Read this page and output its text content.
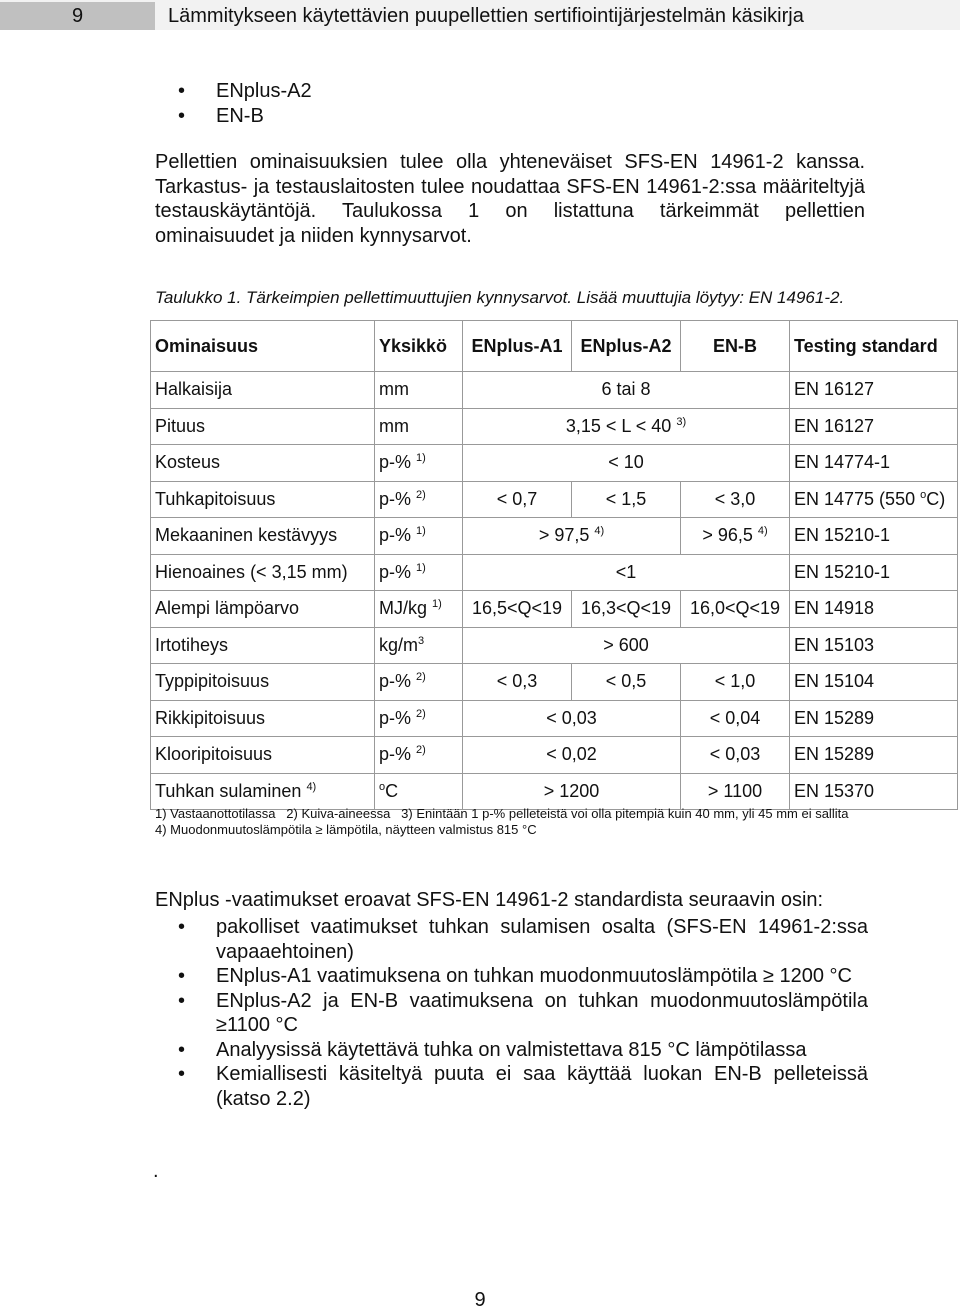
9	Lämmitykseen käytettävien puupellettien sertifiointijärjestelmän käsikirja
• ENplus-A2
• EN-B

Pellettien ominaisuuksien tulee olla yhteneväiset SFS-EN 14961-2 kanssa. Tarkastus- ja testauslaitosten tulee noudattaa SFS-EN 14961-2:ssa määriteltyjä testauskäytäntöjä. Taulukossa 1 on listattuna tärkeimmät pellettien ominaisuudet ja niiden kynnysarvot.

Taulukko 1. Tärkeimpien pellettimuuttujien kynnysarvot. Lisää muuttujia löytyy: EN 14961-2.
Ominaisuus	Yksikkö	ENplus-A1	ENplus-A2	EN-B	Testing standard
Halkaisija	mm	6 tai 8			EN 16127
Pituus	mm	3,15 < L < 40 $^{3)}$			EN 16127
Kosteus	p-% $^{1)}$	< 10			EN 14774-1
Tuhkapitoisuus	p-% $^{2)}$	< 0,7	< 1,5	< 3,0	EN 14775 (550 $^o$C)
Mekaaninen kestävyys	p-% $^{1)}$	> 97,5 $^{4)}$		> 96,5 $^{4)}$	EN 15210-1
Hienoaines (< 3,15 mm)	p-% $^{1)}$	<1			EN 15210-1
Alempi lämpöarvo	MJ/kg $^{1)}$	16,5<Q<19	16,3<Q<19	16,0<Q<19	EN 14918
Irtotiheys	$kg/m^3$	> 600			EN 15103
Typpipitoisuus	p-% $^{2)}$	< 0,3	< 0,5	< 1,0	EN 15104
Rikkipitoisuus	p-% $^{2)}$	< 0,03		< 0,04	EN 15289
Klooripitoisuus	p-% $^{2)}$	< 0,02		< 0,03	EN 15289
Tuhkan sulaminen $^{4)}$	$^o$C	> 1200		> 1100	EN 15370
1) Vastaanottotilassa   2) Kuiva-aineessa   3) Enintään 1 p-% pelleteistä voi olla pitempiä kuin 40 mm, yli 45 mm ei sallita
4) Muodonmuutoslämpötila ≥ lämpötila, näytteen valmistus 815 °C
ENplus -vaatimukset eroavat SFS-EN 14961-2 standardista seuraavin osin:
• pakolliset vaatimukset tuhkan sulamisen osalta (SFS-EN 14961-2:ssa vapaaehtoinen)
• ENplus-A1 vaatimuksena on tuhkan muodonmuutoslämpötila ≥ 1200 °C
• ENplus-A2 ja EN-B vaatimuksena on tuhkan muodonmuutoslämpötila ≥1100 °C
• Analyysissä käytettävä tuhka on valmistettava 815 °C lämpötilassa
• Kemiallisesti käsiteltyä puuta ei saa käyttää luokan EN-B pelleteissä (katso 2.2)
.
9
